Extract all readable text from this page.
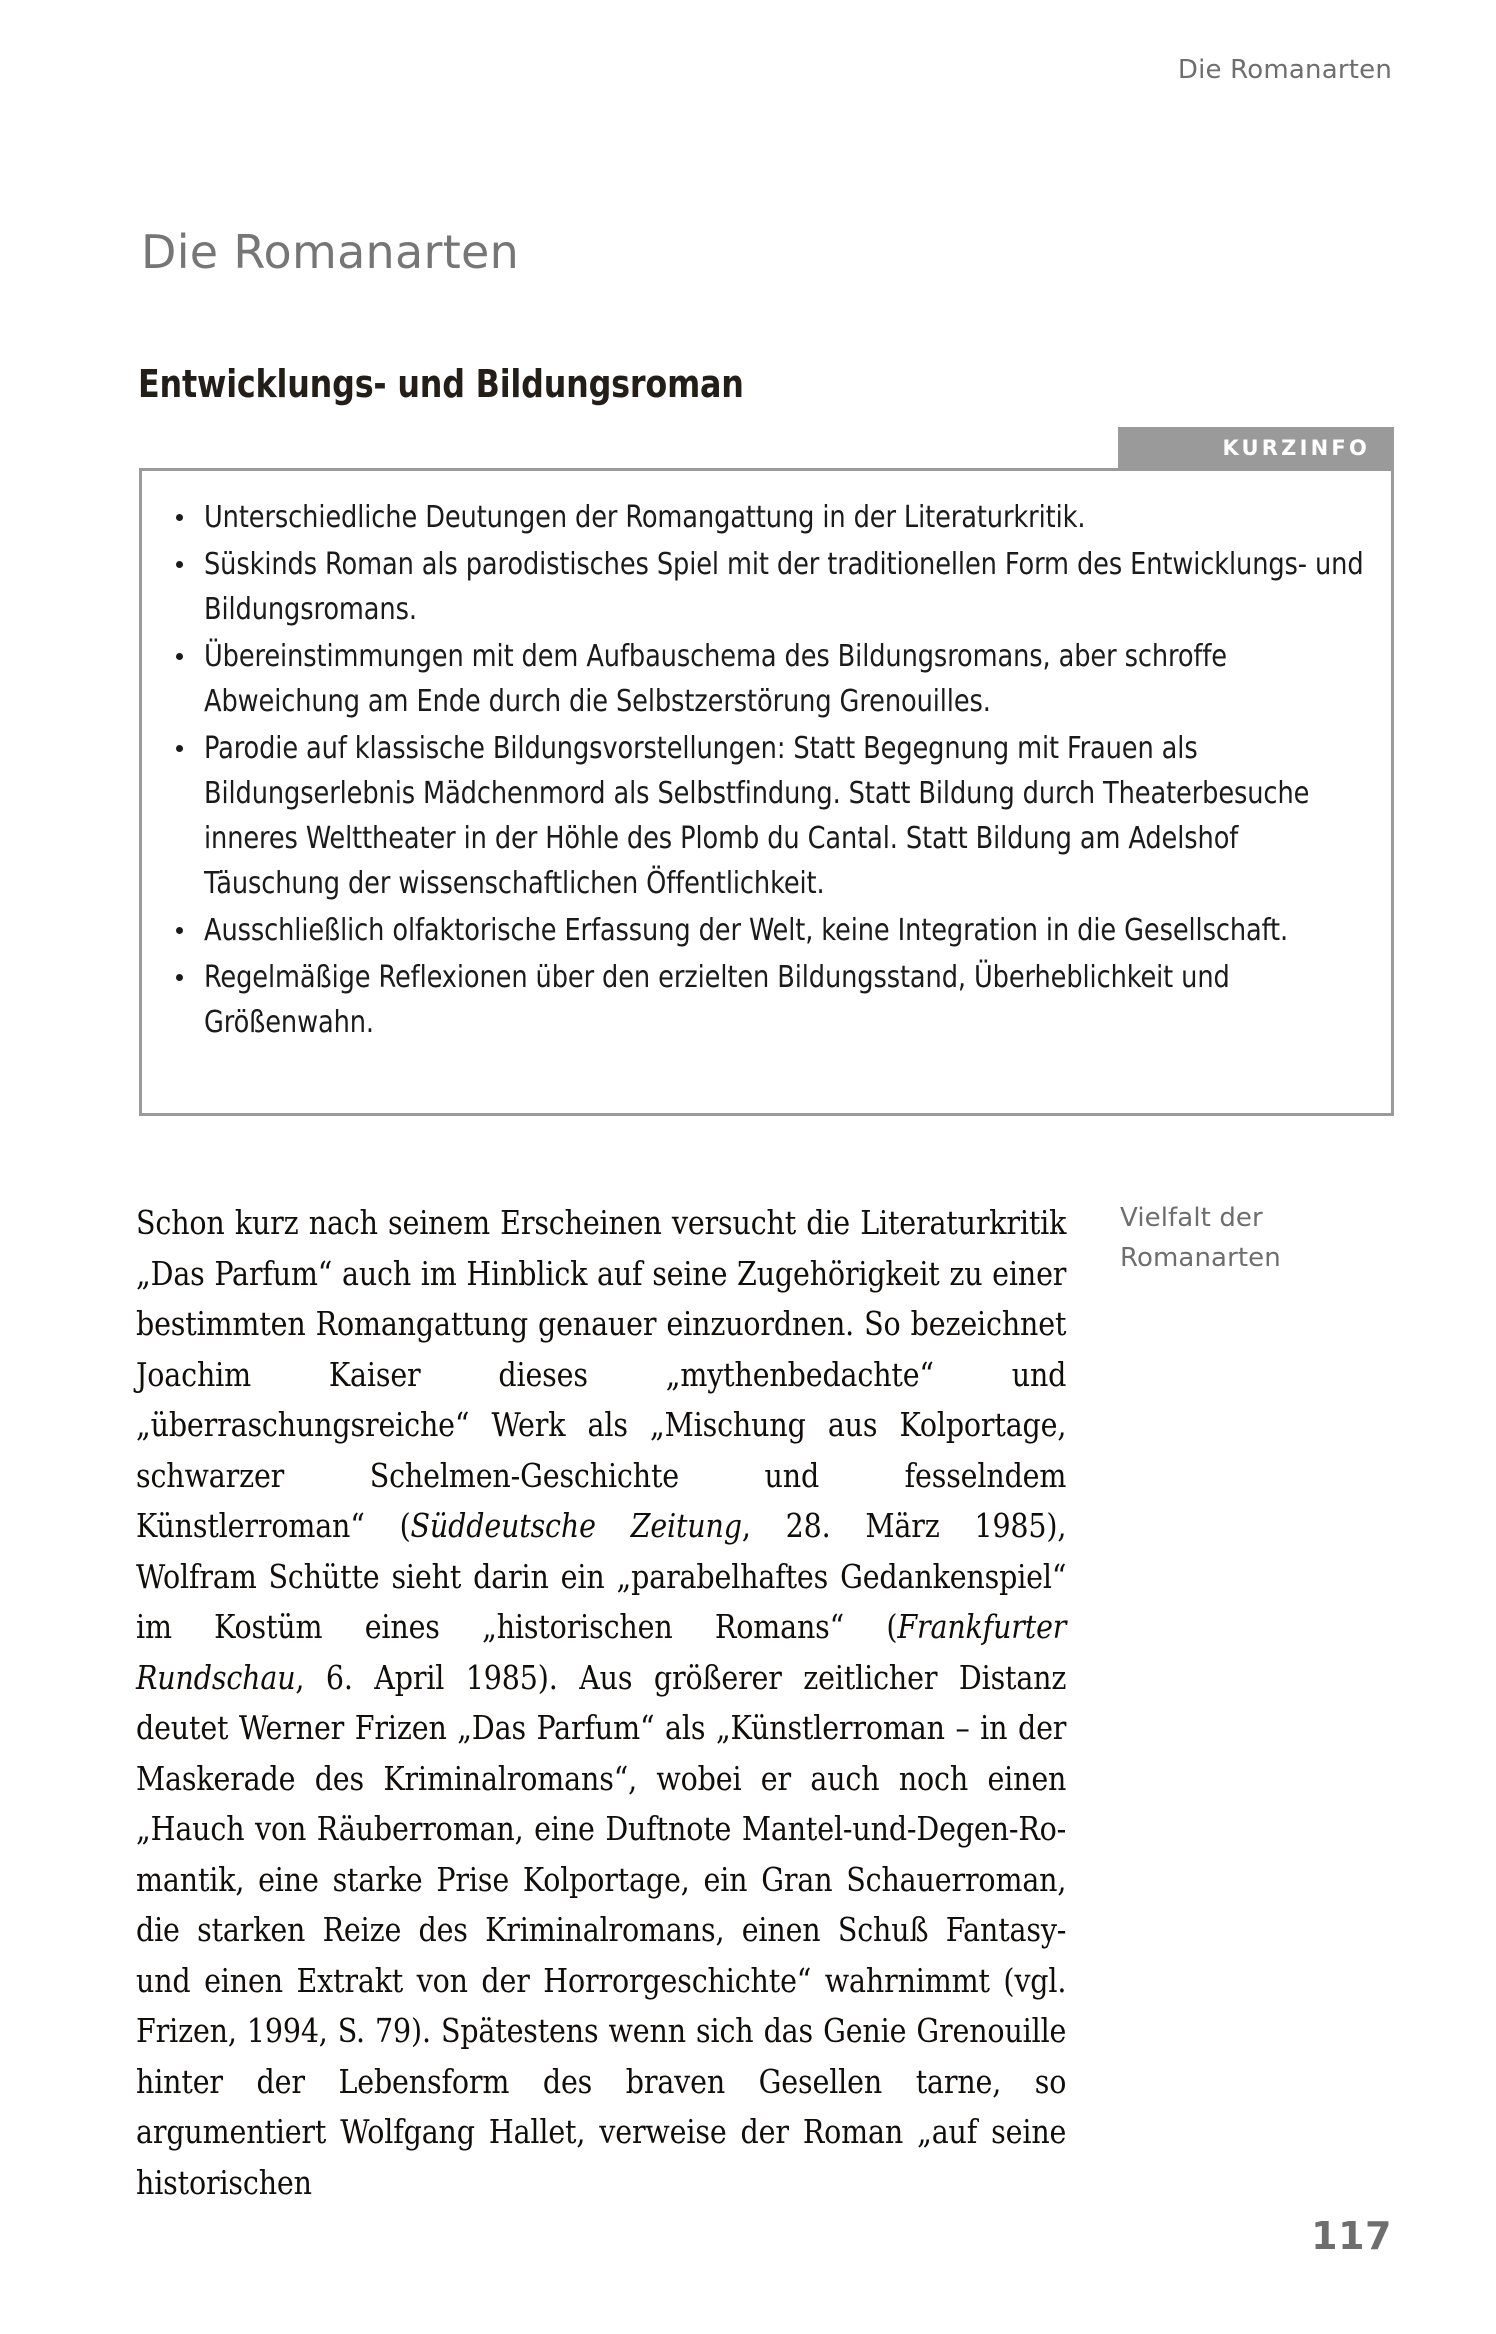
Die Romanarten
Die Romanarten
Entwicklungs- und Bildungsroman
KURZINFO
Unterschiedliche Deutungen der Romangattung in der Literaturkritik.
Süskinds Roman als parodistisches Spiel mit der traditionellen Form des Entwicklungs- und Bildungsromans.
Übereinstimmungen mit dem Aufbauschema des Bildungsromans, aber schroffe Abweichung am Ende durch die Selbstzerstörung Grenouilles.
Parodie auf klassische Bildungsvorstellungen: Statt Begegnung mit Frauen als Bildungserlebnis Mädchenmord als Selbstfindung. Statt Bildung durch Theaterbesuche inneres Welttheater in der Höhle des Plomb du Cantal. Statt Bildung am Adelshof Täuschung der wissenschaftlichen Öffentlichkeit.
Ausschließlich olfaktorische Erfassung der Welt, keine Integration in die Gesellschaft.
Regelmäßige Reflexionen über den erzielten Bildungsstand, Überheblichkeit und Größenwahn.

Schon kurz nach seinem Erscheinen versucht die Literaturkritik „Das Parfum“ auch im Hinblick auf seine Zugehörigkeit zu einer bestimmten Romangattung genauer einzuordnen. So bezeichnet Joachim Kaiser dieses „mythenbedachte“ und „überraschungsreiche“ Werk als „Mischung aus Kolportage, schwarzer Schelmen-Geschichte und fesselndem Künstlerroman“ (Süddeutsche Zeitung, 28. März 1985), Wolfram Schütte sieht darin ein „parabelhaftes Gedankenspiel“ im Kostüm eines „historischen Romans“ (Frankfurter Rundschau, 6. April 1985). Aus größerer zeitlicher Distanz deutet Werner Frizen „Das Parfum“ als „Künstlerroman – in der Maskerade des Kriminalromans“, wobei er auch noch einen „Hauch von Räuberroman, eine Duftnote Mantel-und-Degen-Romantik, eine starke Prise Kolportage, ein Gran Schauerroman, die starken Reize des Kriminalromans, einen Schuß Fantasy- und einen Extrakt von der Horrorgeschichte“ wahrnimmt (vgl. Frizen, 1994, S. 79). Spätestens wenn sich das Genie Grenouille hinter der Lebensform des braven Gesellen tarne, so argumentiert Wolfgang Hallet, verweise der Roman „auf seine historischen

Vielfalt der Romanarten
117
